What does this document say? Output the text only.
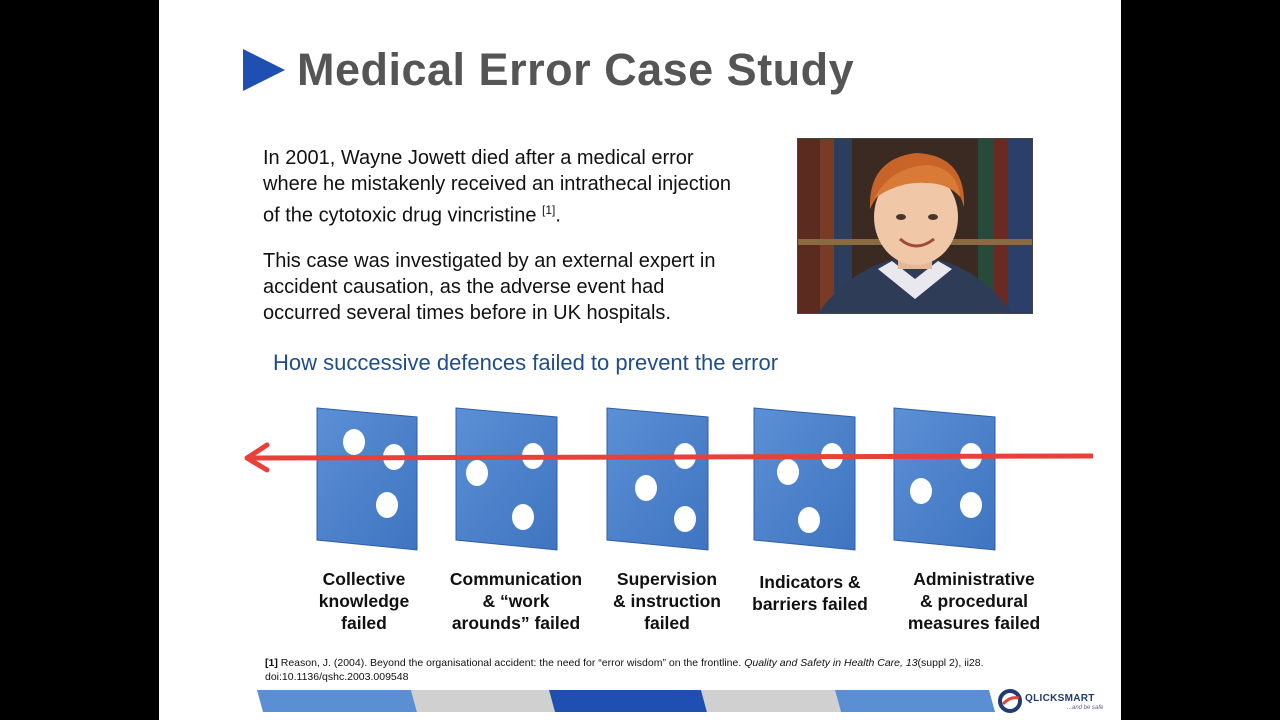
Medical Error Case Study
In 2001, Wayne Jowett died after a medical error where he mistakenly received an intrathecal injection of the cytotoxic drug vincristine [1].
This case was investigated by an external expert in accident causation, as the adverse event had occurred several times before in UK hospitals.
How successive defences failed to prevent the error
Collective
knowledge
failed
Communication
& “work
arounds” failed
Supervision
& instruction
failed
Indicators &
barriers failed
Administrative
& procedural
measures failed
[1] Reason, J. (2004). Beyond the organisational accident: the need for “error wisdom” on the frontline. Quality and Safety in Health Care, 13(suppl 2), ii28. doi:10.1136/qshc.2003.009548
QLICKSMART
...and be safe
